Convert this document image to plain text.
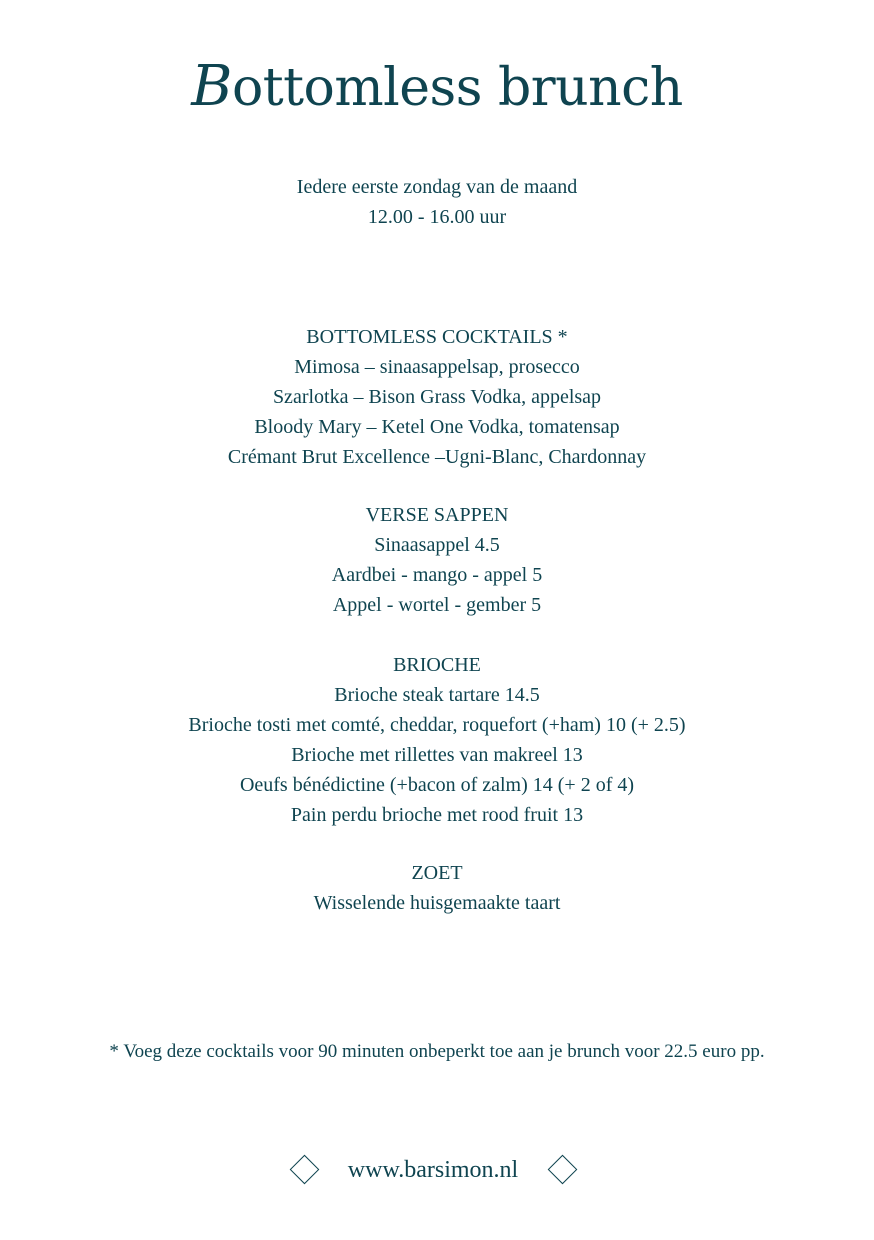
Bottomless brunch
Iedere eerste zondag van de maand
12.00 - 16.00 uur
BOTTOMLESS COCKTAILS *
Mimosa – sinaasappelsap, prosecco
Szarlotka – Bison Grass Vodka, appelsap
Bloody Mary – Ketel One Vodka, tomatensap
Crémant Brut Excellence –Ugni-Blanc, Chardonnay
VERSE SAPPEN
Sinaasappel 4.5
Aardbei - mango - appel 5
Appel - wortel - gember 5
BRIOCHE
Brioche steak tartare 14.5
Brioche tosti met comté, cheddar, roquefort (+ham) 10 (+ 2.5)
Brioche met rillettes van makreel 13
Oeufs bénédictine (+bacon of zalm) 14 (+ 2 of 4)
Pain perdu brioche met rood fruit 13
ZOET
Wisselende huisgemaakte taart
* Voeg deze cocktails voor 90 minuten onbeperkt toe aan je brunch voor 22.5 euro pp.
www.barsimon.nl
